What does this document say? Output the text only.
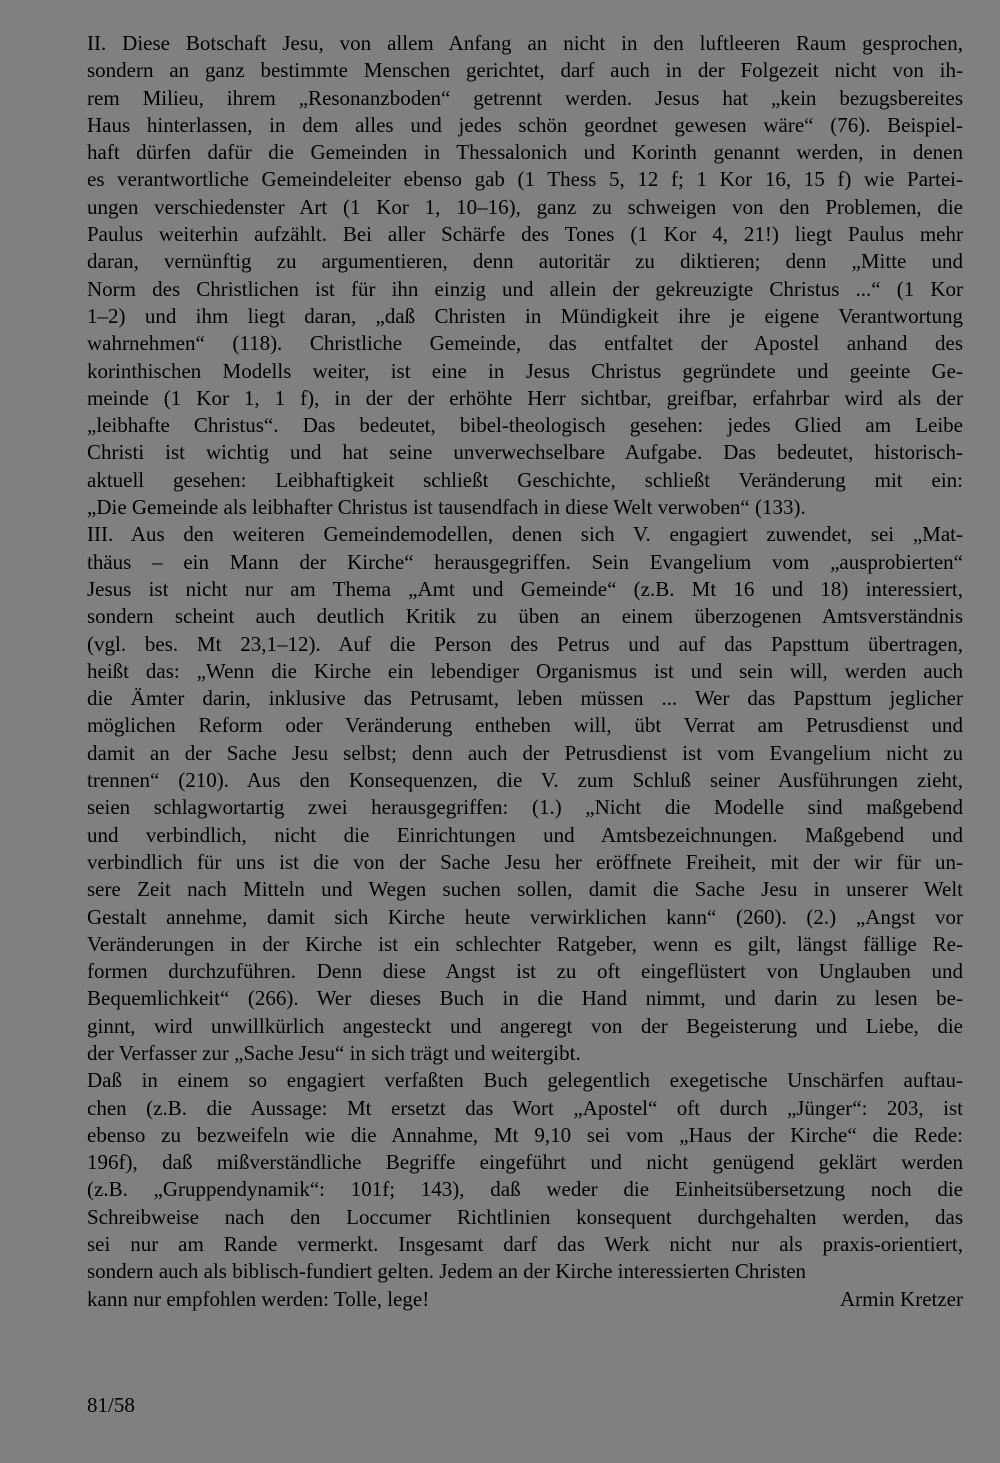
II. Diese Botschaft Jesu, von allem Anfang an nicht in den luftleeren Raum gesprochen,
sondern an ganz bestimmte Menschen gerichtet, darf auch in der Folgezeit nicht von ih-
rem Milieu, ihrem „Resonanzboden“ getrennt werden. Jesus hat „kein bezugsbereites
Haus hinterlassen, in dem alles und jedes schön geordnet gewesen wäre“ (76). Beispiel-
haft dürfen dafür die Gemeinden in Thessalonich und Korinth genannt werden, in denen
es verantwortliche Gemeindeleiter ebenso gab (1 Thess 5, 12 f; 1 Kor 16, 15 f) wie Partei-
ungen verschiedenster Art (1 Kor 1, 10–16), ganz zu schweigen von den Problemen, die
Paulus weiterhin aufzählt. Bei aller Schärfe des Tones (1 Kor 4, 21!) liegt Paulus mehr
daran, vernünftig zu argumentieren, denn autoritär zu diktieren; denn „Mitte und
Norm des Christlichen ist für ihn einzig und allein der gekreuzigte Christus ...“ (1 Kor
1–2) und ihm liegt daran, „daß Christen in Mündigkeit ihre je eigene Verantwortung
wahrnehmen“ (118). Christliche Gemeinde, das entfaltet der Apostel anhand des
korinthischen Modells weiter, ist eine in Jesus Christus gegründete und geeinte Ge-
meinde (1 Kor 1, 1 f), in der der erhöhte Herr sichtbar, greifbar, erfahrbar wird als der
„leibhafte Christus“. Das bedeutet, bibel-theologisch gesehen: jedes Glied am Leibe
Christi ist wichtig und hat seine unverwechselbare Aufgabe. Das bedeutet, historisch-
aktuell gesehen: Leibhaftigkeit schließt Geschichte, schließt Veränderung mit ein:
„Die Gemeinde als leibhafter Christus ist tausendfach in diese Welt verwoben“ (133).
III. Aus den weiteren Gemeindemodellen, denen sich V. engagiert zuwendet, sei „Mat-
thäus – ein Mann der Kirche“ herausgegriffen. Sein Evangelium vom „ausprobierten“
Jesus ist nicht nur am Thema „Amt und Gemeinde“ (z.B. Mt 16 und 18) interessiert,
sondern scheint auch deutlich Kritik zu üben an einem überzogenen Amtsverständnis
(vgl. bes. Mt 23,1–12). Auf die Person des Petrus und auf das Papsttum übertragen,
heißt das: „Wenn die Kirche ein lebendiger Organismus ist und sein will, werden auch
die Ämter darin, inklusive das Petrusamt, leben müssen ... Wer das Papsttum jeglicher
möglichen Reform oder Veränderung entheben will, übt Verrat am Petrusdienst und
damit an der Sache Jesu selbst; denn auch der Petrusdienst ist vom Evangelium nicht zu
trennen“ (210). Aus den Konsequenzen, die V. zum Schluß seiner Ausführungen zieht,
seien schlagwortartig zwei herausgegriffen: (1.) „Nicht die Modelle sind maßgebend
und verbindlich, nicht die Einrichtungen und Amtsbezeichnungen. Maßgebend und
verbindlich für uns ist die von der Sache Jesu her eröffnete Freiheit, mit der wir für un-
sere Zeit nach Mitteln und Wegen suchen sollen, damit die Sache Jesu in unserer Welt
Gestalt annehme, damit sich Kirche heute verwirklichen kann“ (260). (2.) „Angst vor
Veränderungen in der Kirche ist ein schlechter Ratgeber, wenn es gilt, längst fällige Re-
formen durchzuführen. Denn diese Angst ist zu oft eingeflüstert von Unglauben und
Bequemlichkeit“ (266). Wer dieses Buch in die Hand nimmt, und darin zu lesen be-
ginnt, wird unwillkürlich angesteckt und angeregt von der Begeisterung und Liebe, die
der Verfasser zur „Sache Jesu“ in sich trägt und weitergibt.
Daß in einem so engagiert verfaßten Buch gelegentlich exegetische Unschärfen auftau-
chen (z.B. die Aussage: Mt ersetzt das Wort „Apostel“ oft durch „Jünger“: 203, ist
ebenso zu bezweifeln wie die Annahme, Mt 9,10 sei vom „Haus der Kirche“ die Rede:
196f), daß mißverständliche Begriffe eingeführt und nicht genügend geklärt werden
(z.B. „Gruppendynamik“: 101f; 143), daß weder die Einheitsübersetzung noch die
Schreibweise nach den Loccumer Richtlinien konsequent durchgehalten werden, das
sei nur am Rande vermerkt. Insgesamt darf das Werk nicht nur als praxis-orientiert,
sondern auch als biblisch-fundiert gelten. Jedem an der Kirche interessierten Christen
kann nur empfohlen werden: Tolle, lege!	Armin Kretzer
81/58
